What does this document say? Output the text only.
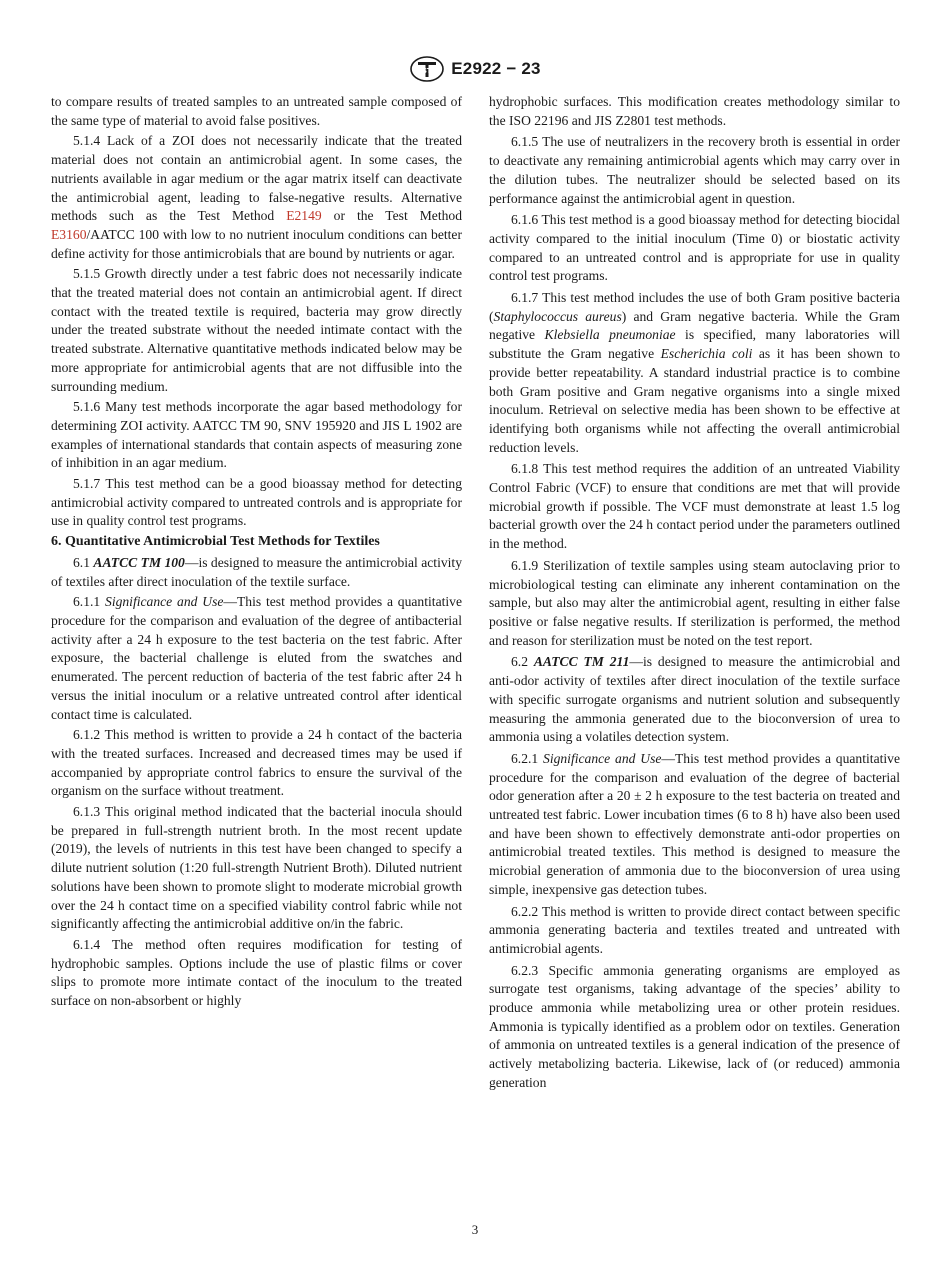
ASTM E2922 − 23

to compare results of treated samples to an untreated sample composed of the same type of material to avoid false positives.

5.1.4 Lack of a ZOI does not necessarily indicate that the treated material does not contain an antimicrobial agent. In some cases, the nutrients available in agar medium or the agar matrix itself can deactivate the antimicrobial agent, leading to false-negative results. Alternative methods such as the Test Method E2149 or the Test Method E3160/AATCC 100 with low to no nutrient inoculum conditions can better define activity for those antimicrobials that are bound by nutrients or agar.

5.1.5 Growth directly under a test fabric does not necessarily indicate that the treated material does not contain an antimicrobial agent. If direct contact with the treated textile is required, bacteria may grow directly under the treated substrate without the needed intimate contact with the treated substrate. Alternative quantitative methods indicated below may be more appropriate for antimicrobial agents that are not diffusible into the surrounding medium.

5.1.6 Many test methods incorporate the agar based methodology for determining ZOI activity. AATCC TM 90, SNV 195920 and JIS L 1902 are examples of international standards that contain aspects of measuring zone of inhibition in an agar medium.

5.1.7 This test method can be a good bioassay method for detecting antimicrobial activity compared to untreated controls and is appropriate for use in quality control test programs.

6. Quantitative Antimicrobial Test Methods for Textiles

6.1 AATCC TM 100—is designed to measure the antimicrobial activity of textiles after direct inoculation of the textile surface.

6.1.1 Significance and Use—This test method provides a quantitative procedure for the comparison and evaluation of the degree of antibacterial activity after a 24 h exposure to the test bacteria on the test fabric. After exposure, the bacterial challenge is eluted from the swatches and enumerated. The percent reduction of bacteria of the test fabric after 24 h versus the initial inoculum or a relative untreated control after identical contact time is calculated.

6.1.2 This method is written to provide a 24 h contact of the bacteria with the treated surfaces. Increased and decreased times may be used if accompanied by appropriate control fabrics to ensure the survival of the organism on the surface without treatment.

6.1.3 This original method indicated that the bacterial inocula should be prepared in full-strength nutrient broth. In the most recent update (2019), the levels of nutrients in this test have been changed to specify a dilute nutrient solution (1:20 full-strength Nutrient Broth). Diluted nutrient solutions have been shown to promote slight to moderate microbial growth over the 24 h contact time on a specified viability control fabric while not significantly affecting the antimicrobial additive on/in the fabric.

6.1.4 The method often requires modification for testing of hydrophobic samples. Options include the use of plastic films or cover slips to promote more intimate contact of the inoculum to the treated surface on non-absorbent or highly

hydrophobic surfaces. This modification creates methodology similar to the ISO 22196 and JIS Z2801 test methods.

6.1.5 The use of neutralizers in the recovery broth is essential in order to deactivate any remaining antimicrobial agents which may carry over in the dilution tubes. The neutralizer should be selected based on its performance against the antimicrobial agent in question.

6.1.6 This test method is a good bioassay method for detecting biocidal activity compared to the initial inoculum (Time 0) or biostatic activity compared to an untreated control and is appropriate for use in quality control test programs.

6.1.7 This test method includes the use of both Gram positive bacteria (Staphylococcus aureus) and Gram negative bacteria. While the Gram negative Klebsiella pneumoniae is specified, many laboratories will substitute the Gram negative Escherichia coli as it has been shown to provide better repeatability. A standard industrial practice is to combine both Gram positive and Gram negative organisms into a single mixed inoculum. Retrieval on selective media has been shown to be effective at identifying both organisms while not affecting the overall antimicrobial reduction levels.

6.1.8 This test method requires the addition of an untreated Viability Control Fabric (VCF) to ensure that conditions are met that will provide microbial growth if possible. The VCF must demonstrate at least 1.5 log bacterial growth over the 24 h contact period under the parameters outlined in the method.

6.1.9 Sterilization of textile samples using steam autoclaving prior to microbiological testing can eliminate any inherent contamination on the sample, but also may alter the antimicrobial agent, resulting in either false positive or false negative results. If sterilization is performed, the method and reason for sterilization must be noted on the test report.

6.2 AATCC TM 211—is designed to measure the antimicrobial and anti-odor activity of textiles after direct inoculation of the textile surface with specific surrogate organisms and nutrient solution and subsequently measuring the ammonia generated due to the bioconversion of urea to ammonia using a volatiles detection system.

6.2.1 Significance and Use—This test method provides a quantitative procedure for the comparison and evaluation of the degree of bacterial odor generation after a 20 ± 2 h exposure to the test bacteria on treated and untreated test fabric. Lower incubation times (6 to 8 h) have also been used and have been shown to effectively demonstrate anti-odor properties on antimicrobial treated textiles. This method is designed to measure the microbial generation of ammonia due to the bioconversion of urea using simple, inexpensive gas detection tubes.

6.2.2 This method is written to provide direct contact between specific ammonia generating bacteria and textiles treated and untreated with antimicrobial agents.

6.2.3 Specific ammonia generating organisms are employed as surrogate test organisms, taking advantage of the species’ ability to produce ammonia while metabolizing urea or other protein residues. Ammonia is typically identified as a problem odor on textiles. Generation of ammonia on untreated textiles is a general indication of the presence of actively metabolizing bacteria. Likewise, lack of (or reduced) ammonia generation

3
